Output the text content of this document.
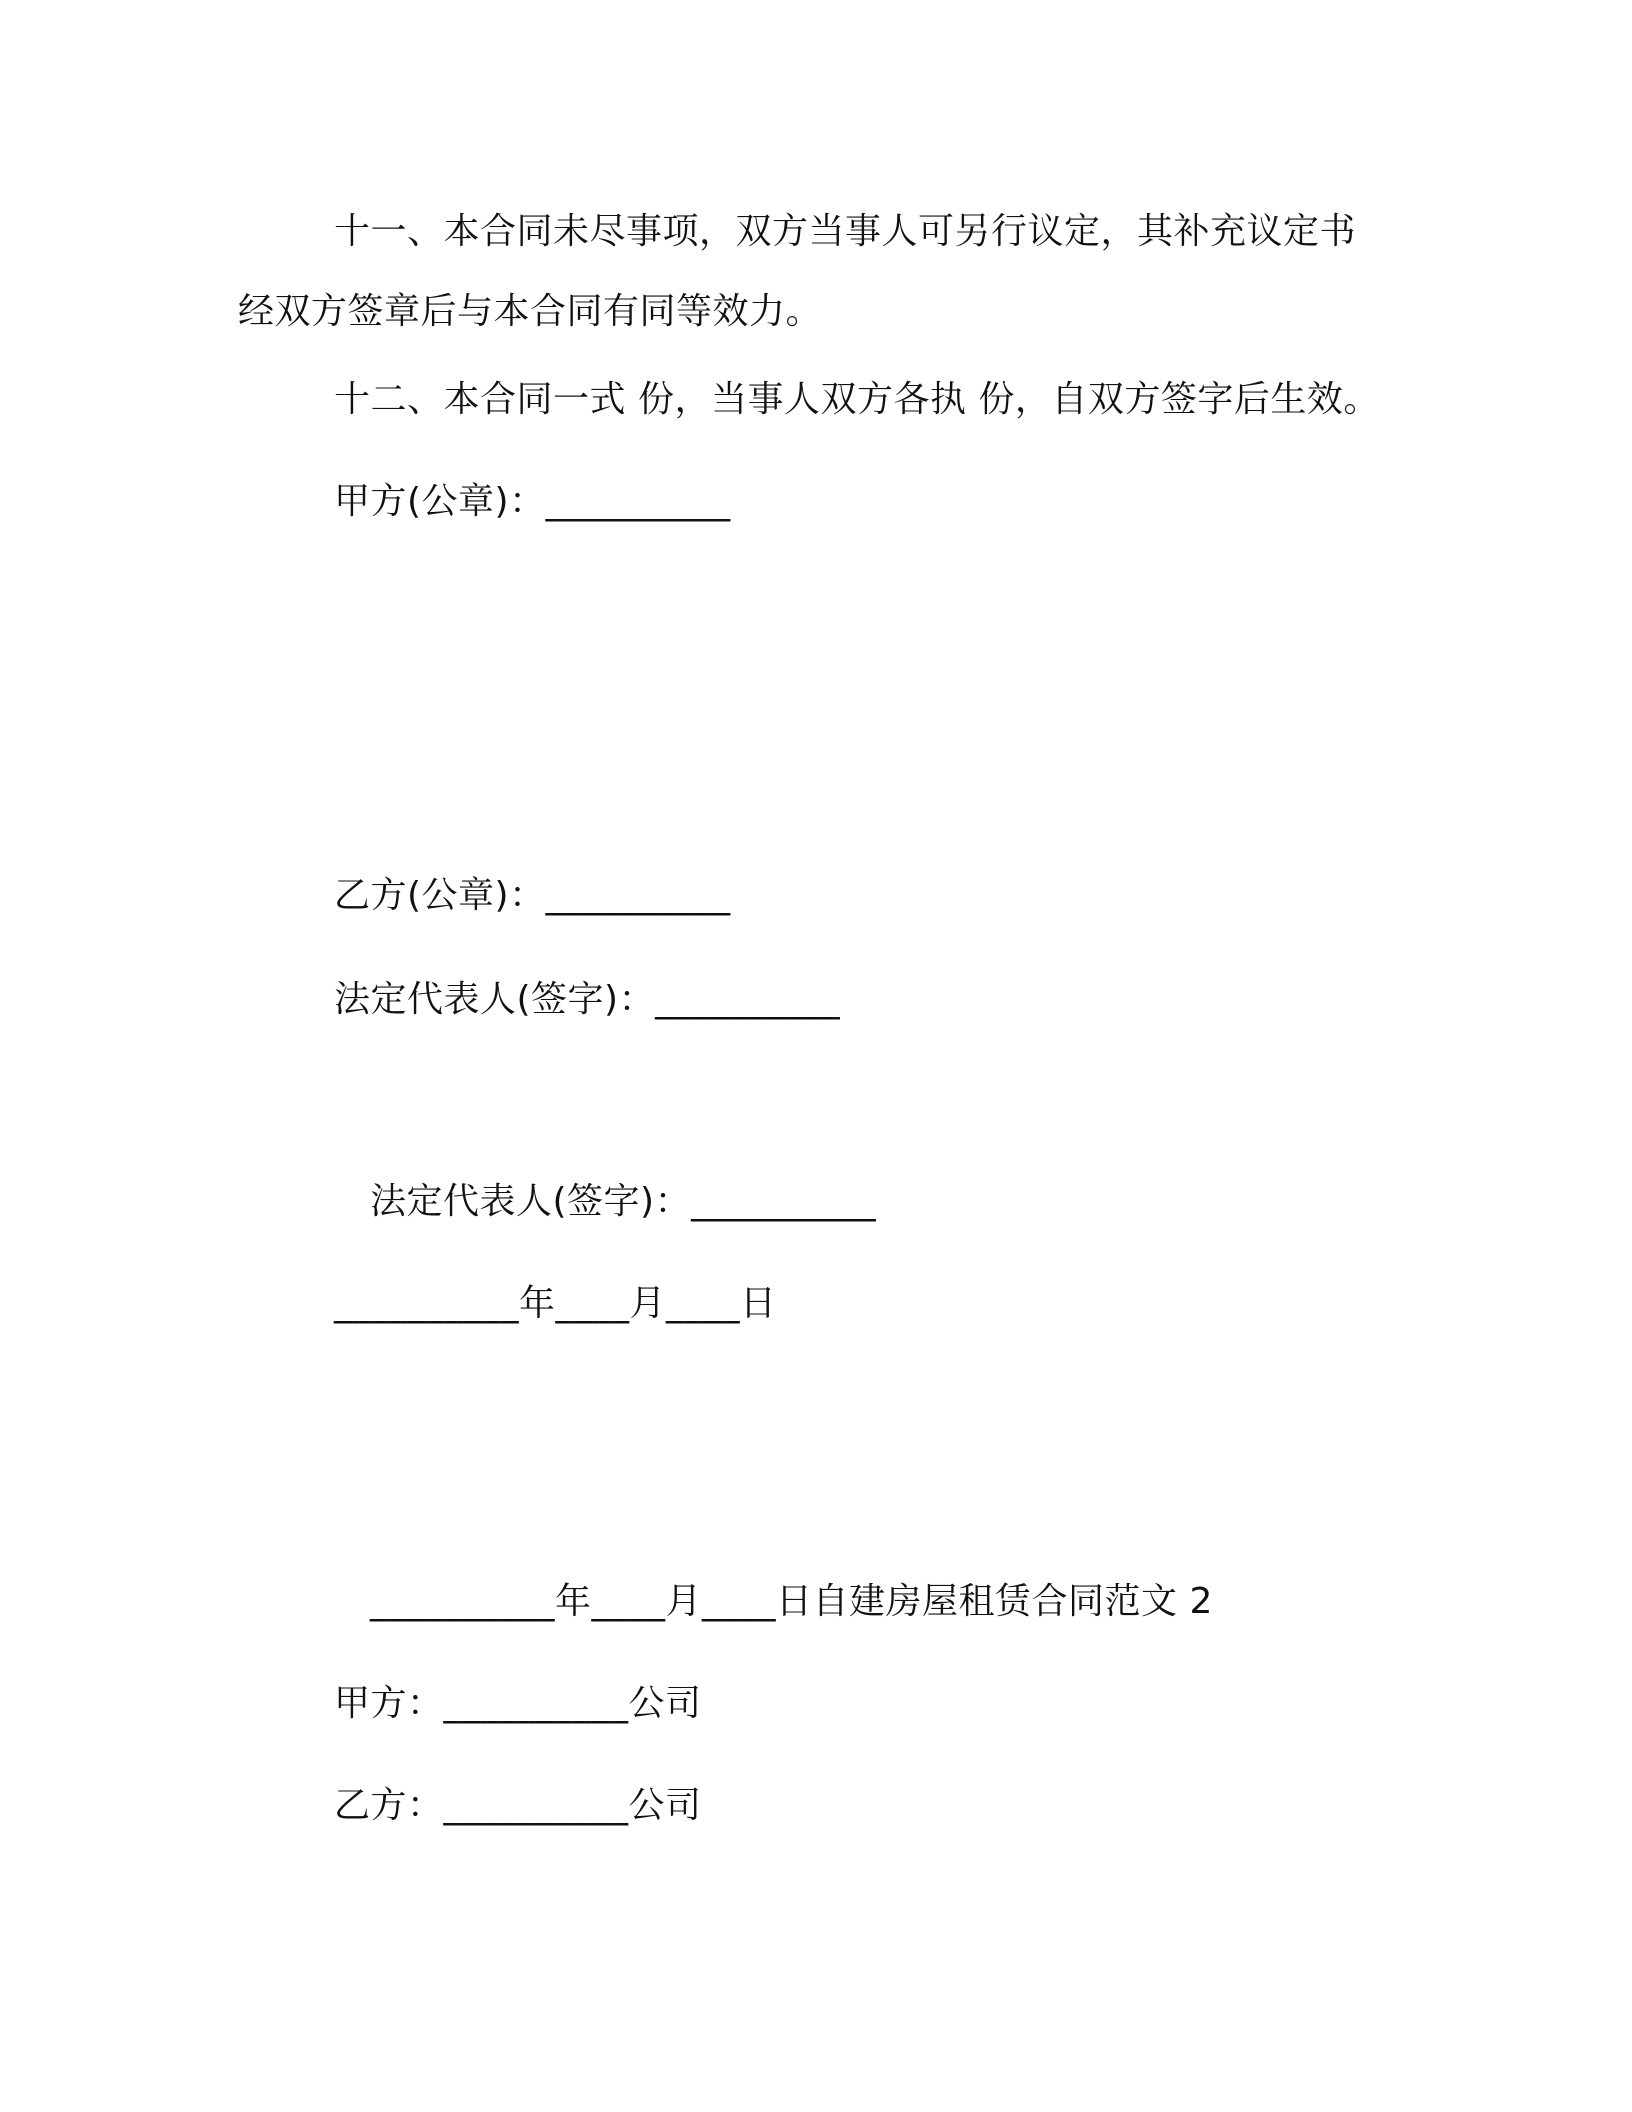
十一、本合同未尽事项，双方当事人可另行议定，其补充议定书经双方签章后与本合同有同等效力。
十二、本合同一式 份，当事人双方各执 份，自双方签字后生效。
甲方(公章)：__________
乙方(公章)：__________
法定代表人(签字)：__________
法定代表人(签字)：__________
__________年____月____日
__________年____月____日自建房屋租赁合同范文 2
甲方：__________公司
乙方：__________公司
